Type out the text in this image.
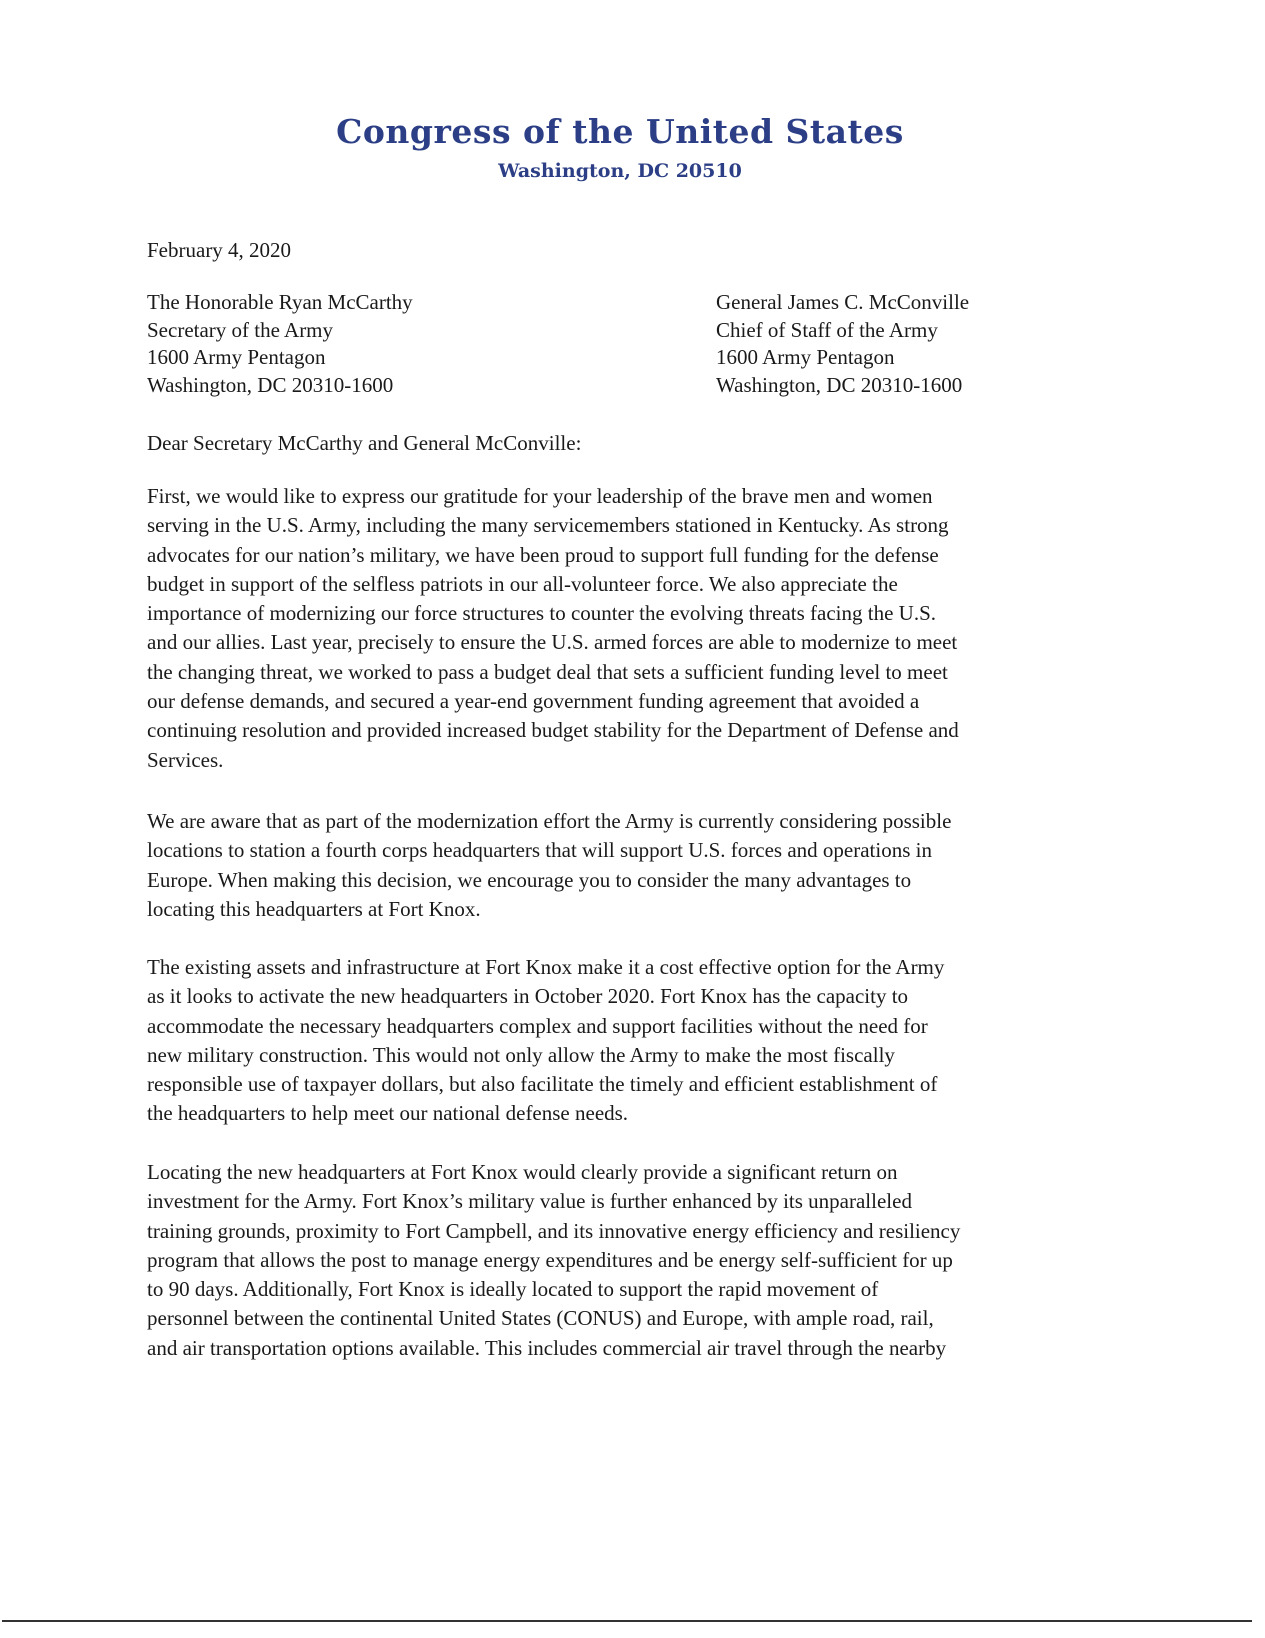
Congress of the United States
Washington, DC 20510
February 4, 2020
The Honorable Ryan McCarthy
Secretary of the Army
1600 Army Pentagon
Washington, DC 20310-1600
General James C. McConville
Chief of Staff of the Army
1600 Army Pentagon
Washington, DC 20310-1600
Dear Secretary McCarthy and General McConville:
First, we would like to express our gratitude for your leadership of the brave men and women
serving in the U.S. Army, including the many servicemembers stationed in Kentucky. As strong
advocates for our nation’s military, we have been proud to support full funding for the defense
budget in support of the selfless patriots in our all-volunteer force. We also appreciate the
importance of modernizing our force structures to counter the evolving threats facing the U.S.
and our allies. Last year, precisely to ensure the U.S. armed forces are able to modernize to meet
the changing threat, we worked to pass a budget deal that sets a sufficient funding level to meet
our defense demands, and secured a year-end government funding agreement that avoided a
continuing resolution and provided increased budget stability for the Department of Defense and
Services.
We are aware that as part of the modernization effort the Army is currently considering possible
locations to station a fourth corps headquarters that will support U.S. forces and operations in
Europe. When making this decision, we encourage you to consider the many advantages to
locating this headquarters at Fort Knox.
The existing assets and infrastructure at Fort Knox make it a cost effective option for the Army
as it looks to activate the new headquarters in October 2020. Fort Knox has the capacity to
accommodate the necessary headquarters complex and support facilities without the need for
new military construction. This would not only allow the Army to make the most fiscally
responsible use of taxpayer dollars, but also facilitate the timely and efficient establishment of
the headquarters to help meet our national defense needs.
Locating the new headquarters at Fort Knox would clearly provide a significant return on
investment for the Army. Fort Knox’s military value is further enhanced by its unparalleled
training grounds, proximity to Fort Campbell, and its innovative energy efficiency and resiliency
program that allows the post to manage energy expenditures and be energy self-sufficient for up
to 90 days. Additionally, Fort Knox is ideally located to support the rapid movement of
personnel between the continental United States (CONUS) and Europe, with ample road, rail,
and air transportation options available. This includes commercial air travel through the nearby
